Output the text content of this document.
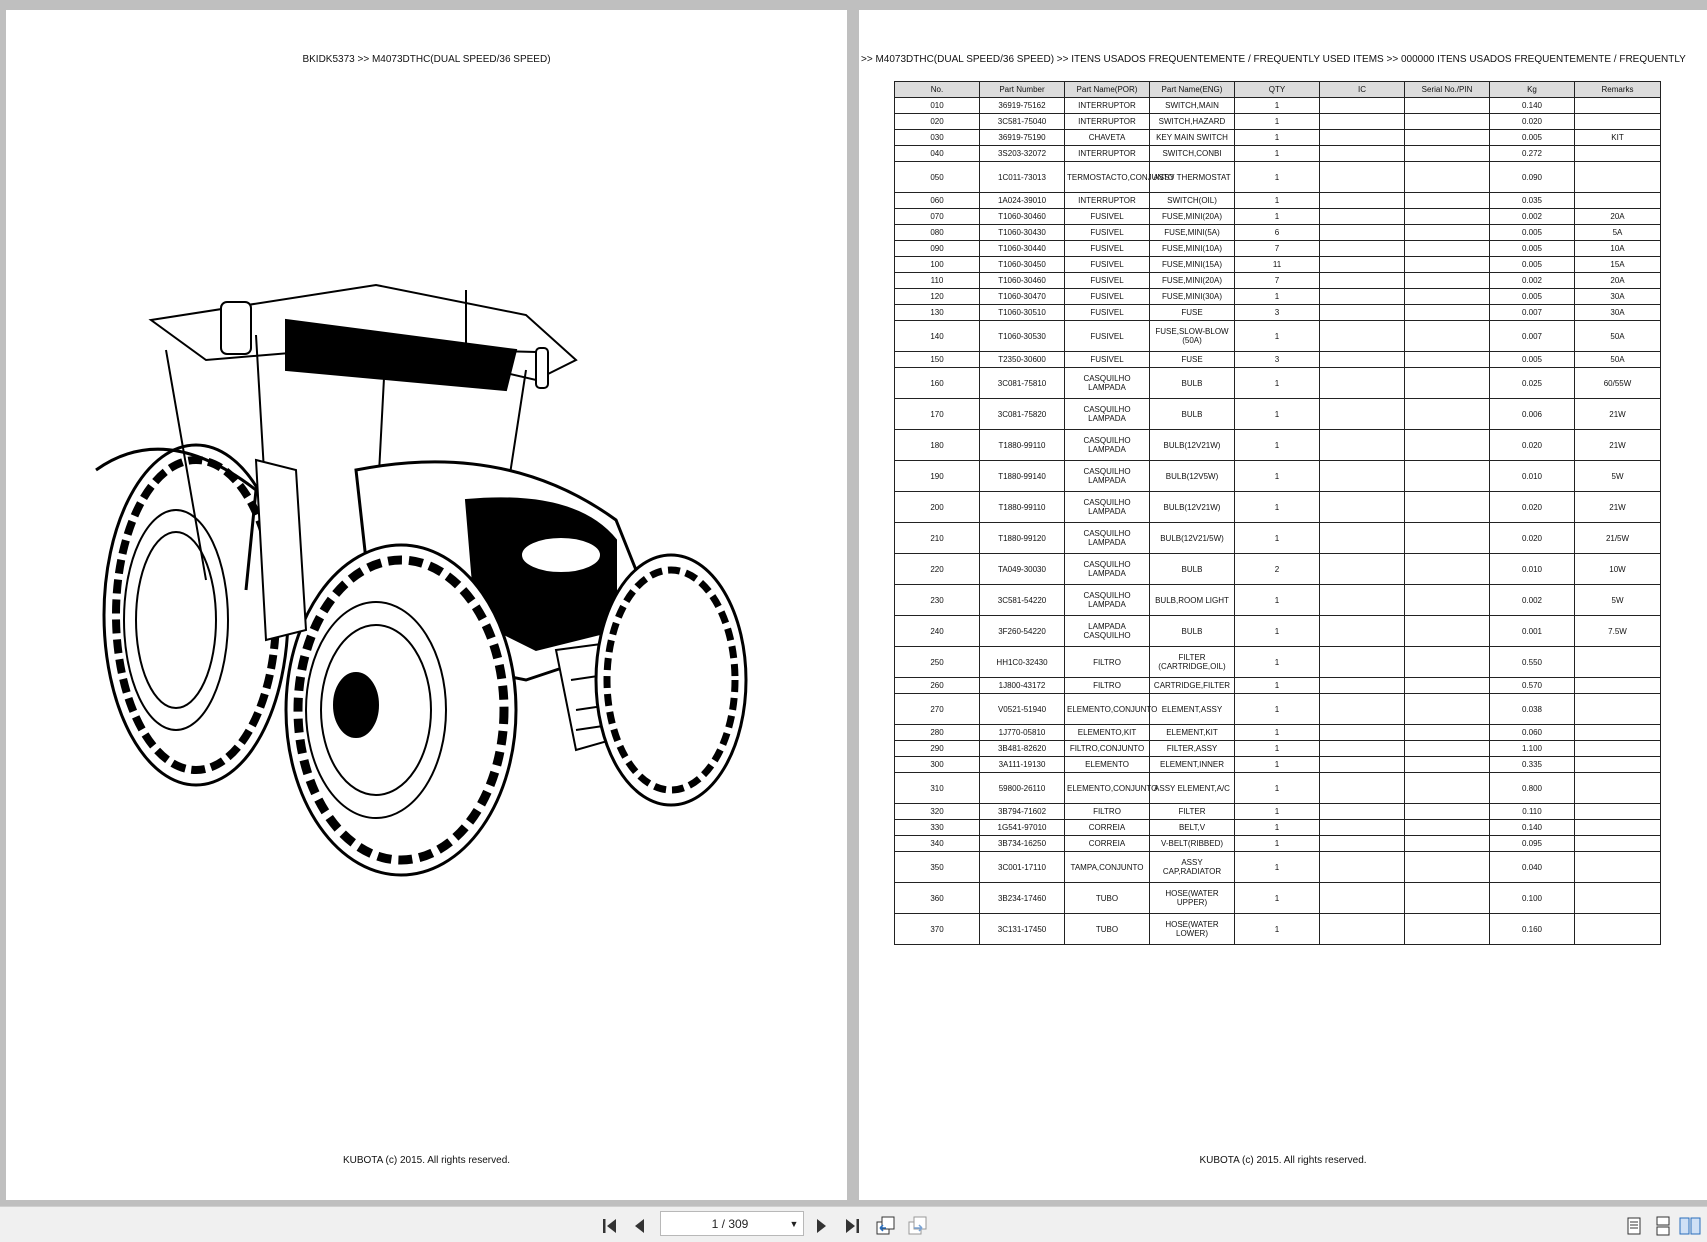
BKIDK5373 >> M4073DTHC(DUAL SPEED/36 SPEED)
KUBOTA (c) 2015. All rights reserved.
>> M4073DTHC(DUAL SPEED/36 SPEED) >> ITENS USADOS FREQUENTEMENTE / FREQUENTLY USED ITEMS >> 000000 ITENS USADOS FREQUENTEMENTE / FREQUENTLY
No.	Part Number	Part Name(POR)	Part Name(ENG)	QTY	IC	Serial No./PIN	Kg	Remarks
010	36919-75162	INTERRUPTOR	SWITCH,MAIN	1			0.140	
020	3C581-75040	INTERRUPTOR	SWITCH,HAZARD	1			0.020	
030	36919-75190	CHAVETA	KEY MAIN SWITCH	1			0.005	KIT
040	3S203-32072	INTERRUPTOR	SWITCH,CONBI	1			0.272	
050	1C011-73013	TERMOSTACTO,CONJUNTO	ASSY THERMOSTAT	1			0.090	
060	1A024-39010	INTERRUPTOR	SWITCH(OIL)	1			0.035	
070	T1060-30460	FUSIVEL	FUSE,MINI(20A)	1			0.002	20A
080	T1060-30430	FUSIVEL	FUSE,MINI(5A)	6			0.005	5A
090	T1060-30440	FUSIVEL	FUSE,MINI(10A)	7			0.005	10A
100	T1060-30450	FUSIVEL	FUSE,MINI(15A)	11			0.005	15A
110	T1060-30460	FUSIVEL	FUSE,MINI(20A)	7			0.002	20A
120	T1060-30470	FUSIVEL	FUSE,MINI(30A)	1			0.005	30A
130	T1060-30510	FUSIVEL	FUSE	3			0.007	30A
140	T1060-30530	FUSIVEL	FUSE,SLOW-BLOW (50A)	1			0.007	50A
150	T2350-30600	FUSIVEL	FUSE	3			0.005	50A
160	3C081-75810	CASQUILHO LAMPADA	BULB	1			0.025	60/55W
170	3C081-75820	CASQUILHO LAMPADA	BULB	1			0.006	21W
180	T1880-99110	CASQUILHO LAMPADA	BULB(12V21W)	1			0.020	21W
190	T1880-99140	CASQUILHO LAMPADA	BULB(12V5W)	1			0.010	5W
200	T1880-99110	CASQUILHO LAMPADA	BULB(12V21W)	1			0.020	21W
210	T1880-99120	CASQUILHO LAMPADA	BULB(12V21/5W)	1			0.020	21/5W
220	TA049-30030	CASQUILHO LAMPADA	BULB	2			0.010	10W
230	3C581-54220	CASQUILHO LAMPADA	BULB,ROOM LIGHT	1			0.002	5W
240	3F260-54220	LAMPADA CASQUILHO	BULB	1			0.001	7.5W
250	HH1C0-32430	FILTRO	FILTER (CARTRIDGE,OIL)	1			0.550	
260	1J800-43172	FILTRO	CARTRIDGE,FILTER	1			0.570	
270	V0521-51940	ELEMENTO,CONJUNTO	ELEMENT,ASSY	1			0.038	
280	1J770-05810	ELEMENTO,KIT	ELEMENT,KIT	1			0.060	
290	3B481-82620	FILTRO,CONJUNTO	FILTER,ASSY	1			1.100	
300	3A111-19130	ELEMENTO	ELEMENT,INNER	1			0.335	
310	59800-26110	ELEMENTO,CONJUNTO	ASSY ELEMENT,A/C	1			0.800	
320	3B794-71602	FILTRO	FILTER	1			0.110	
330	1G541-97010	CORREIA	BELT,V	1			0.140	
340	3B734-16250	CORREIA	V-BELT(RIBBED)	1			0.095	
350	3C001-17110	TAMPA,CONJUNTO	ASSY CAP,RADIATOR	1			0.040	
360	3B234-17460	TUBO	HOSE(WATER UPPER)	1			0.100	
370	3C131-17450	TUBO	HOSE(WATER LOWER)	1			0.160	
KUBOTA (c) 2015. All rights reserved.
1 / 309	▼
